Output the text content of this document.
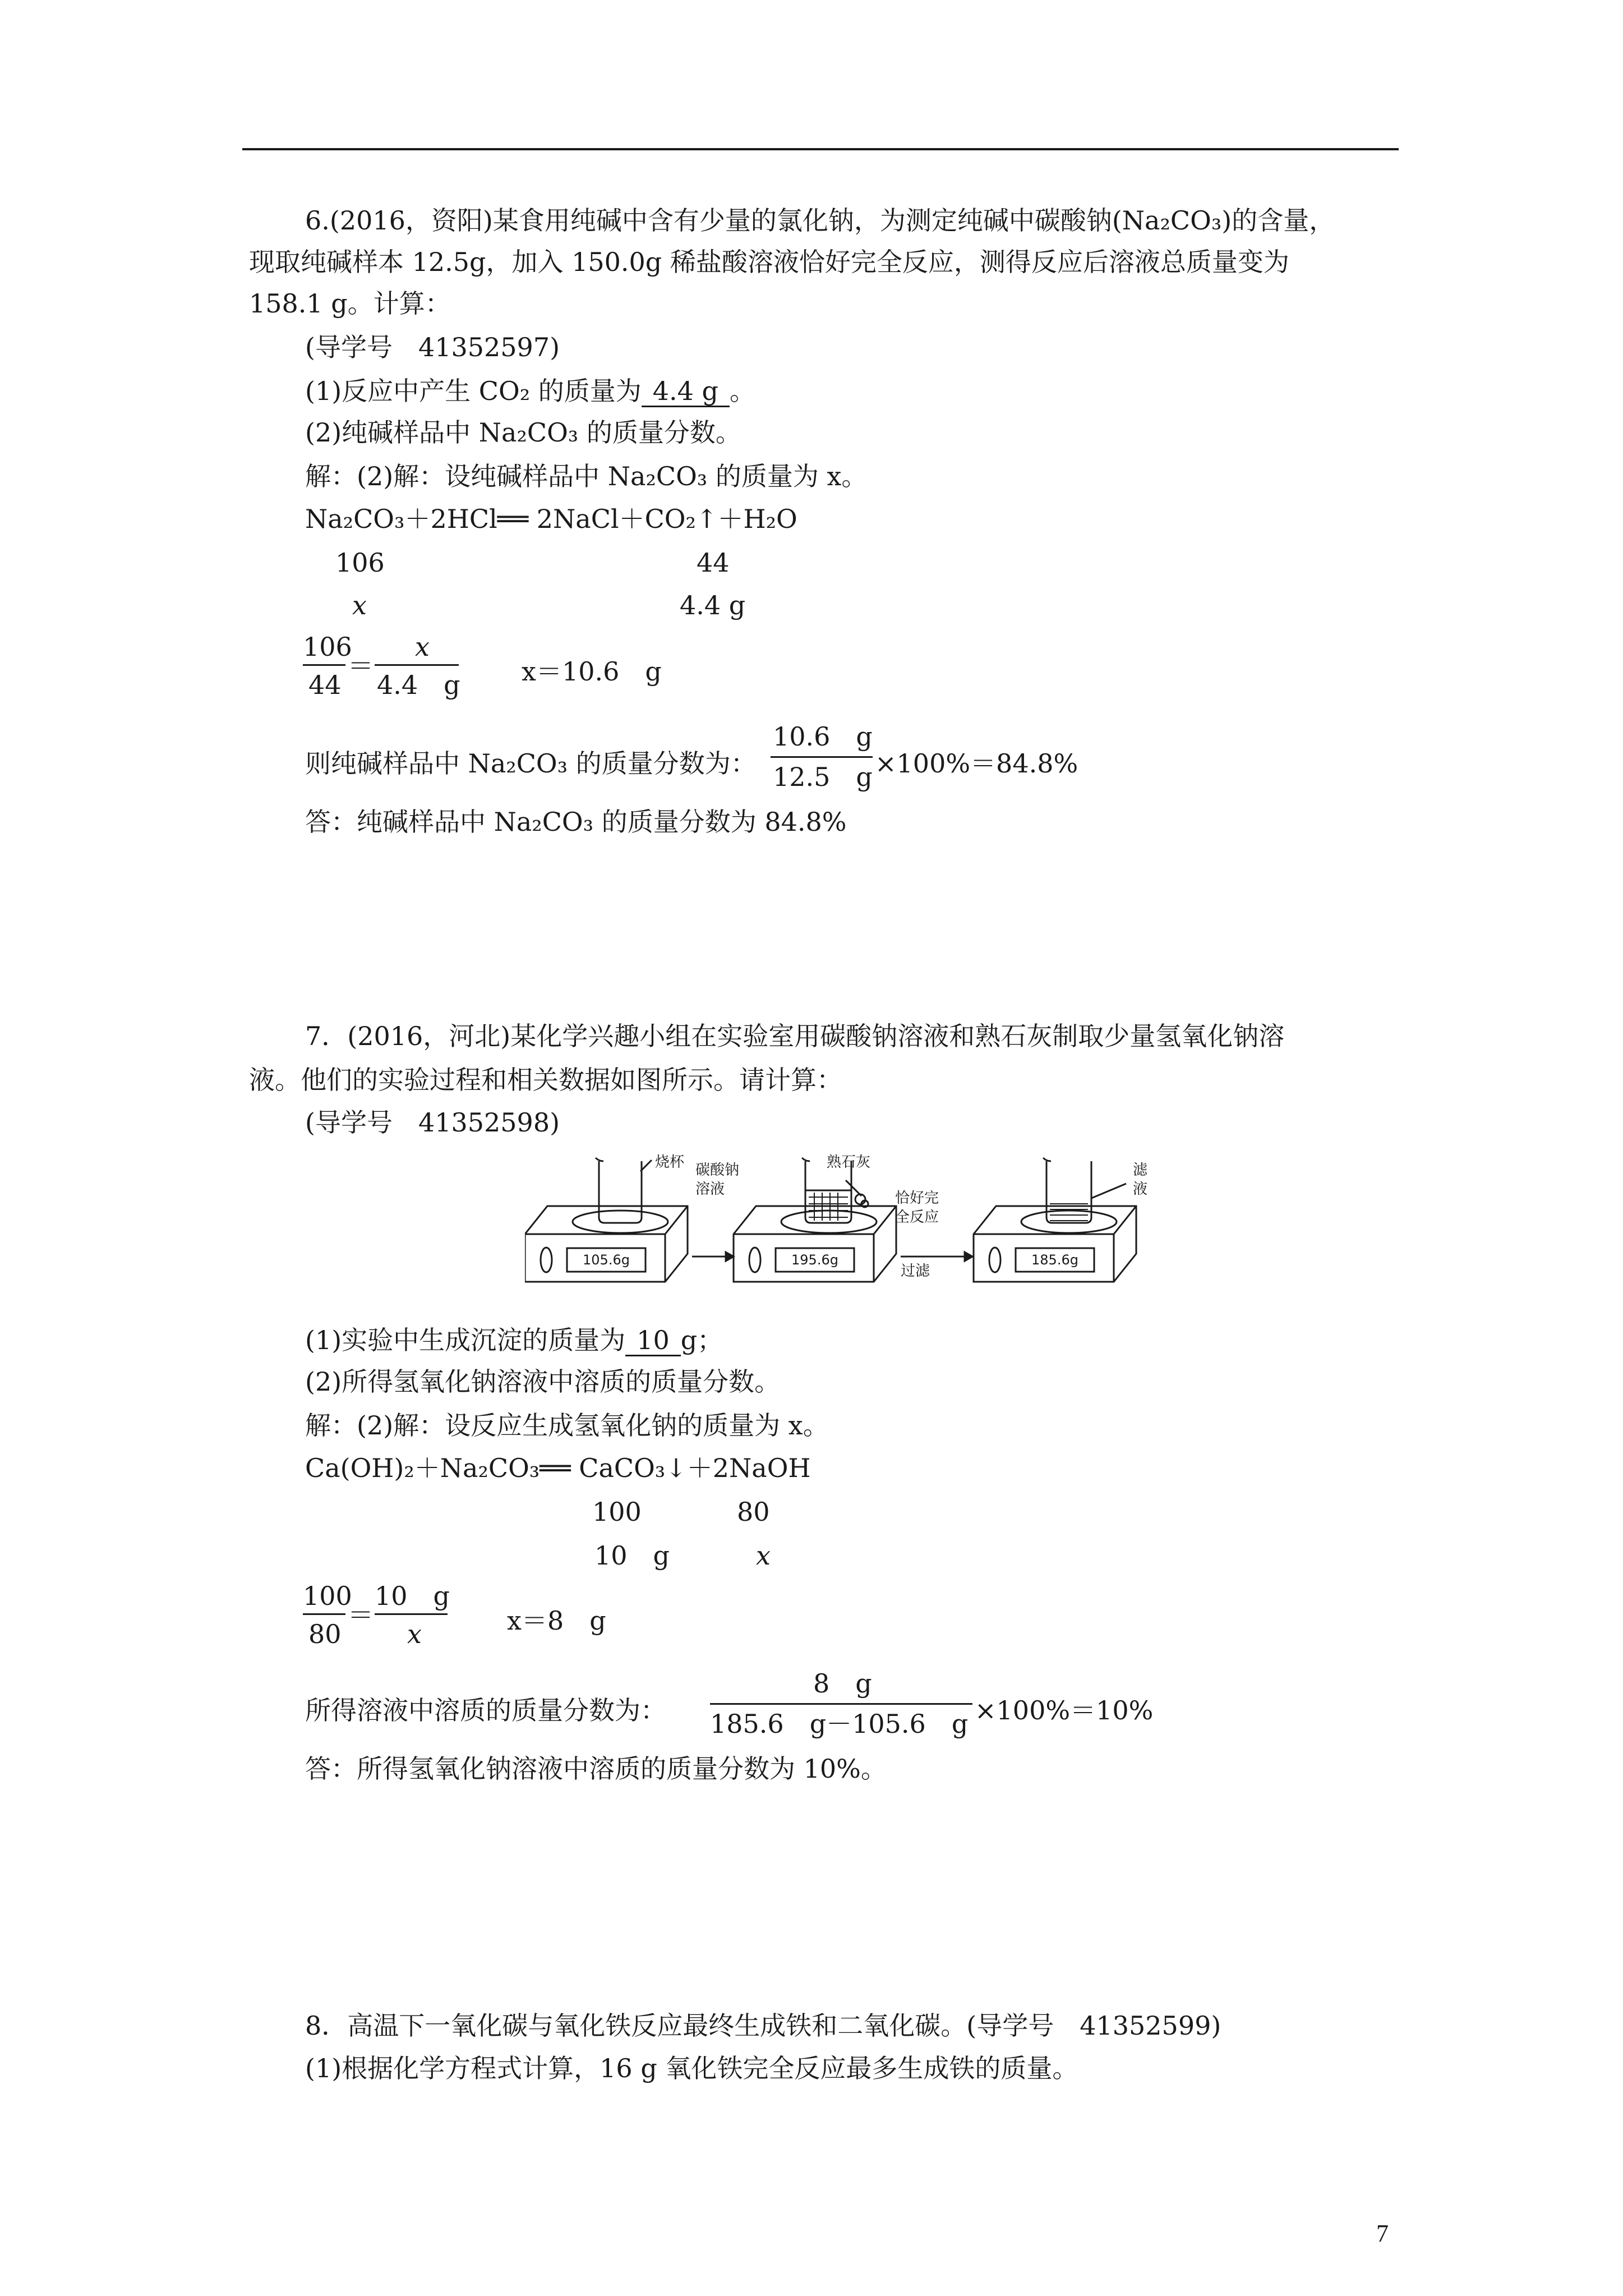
6.(2016，资阳)某食用纯碱中含有少量的氯化钠，为测定纯碱中碳酸钠(Na₂CO₃)的含量，
现取纯碱样本 12.5g，加入 150.0g 稀盐酸溶液恰好完全反应，测得反应后溶液总质量变为
158.1 g。计算：
(导学号　41352597)
(1)反应中产生 CO₂ 的质量为 4.4 g 。
(2)纯碱样品中 Na₂CO₃ 的质量分数。
解：(2)解：设纯碱样品中 Na₂CO₃ 的质量为 x。
Na₂CO₃＋2HCl══ 2NaCl＋CO₂↑＋H₂O
106	44
x	4.4 g
106
44
＝
x
4.4　g x＝10.6　g
则纯碱样品中 Na₂CO₃ 的质量分数为：
10.6　g
12.5　g ×100%＝84.8%
答：纯碱样品中 Na₂CO₃ 的质量分数为 84.8%
7．(2016，河北)某化学兴趣小组在实验室用碳酸钠溶液和熟石灰制取少量氢氧化钠溶
液。他们的实验过程和相关数据如图所示。请计算：
(导学号　41352598)
烧杯 碳酸钠
溶液
熟石灰
恰好完
全反应
过滤
滤
液
105.6g	195.6g	185.6g
(1)实验中生成沉淀的质量为 10 g；
(2)所得氢氧化钠溶液中溶质的质量分数。
解：(2)解：设反应生成氢氧化钠的质量为 x。
Ca(OH)₂＋Na₂CO₃══ CaCO₃↓＋2NaOH
100	80
10　g	x
100
80
＝
10　g
x	x＝8　g
所得溶液中溶质的质量分数为：
8　g
185.6　g－105.6　g ×100%＝10%
答：所得氢氧化钠溶液中溶质的质量分数为 10%。
8．高温下一氧化碳与氧化铁反应最终生成铁和二氧化碳。(导学号　41352599)
(1)根据化学方程式计算，16 g 氧化铁完全反应最多生成铁的质量。
7
